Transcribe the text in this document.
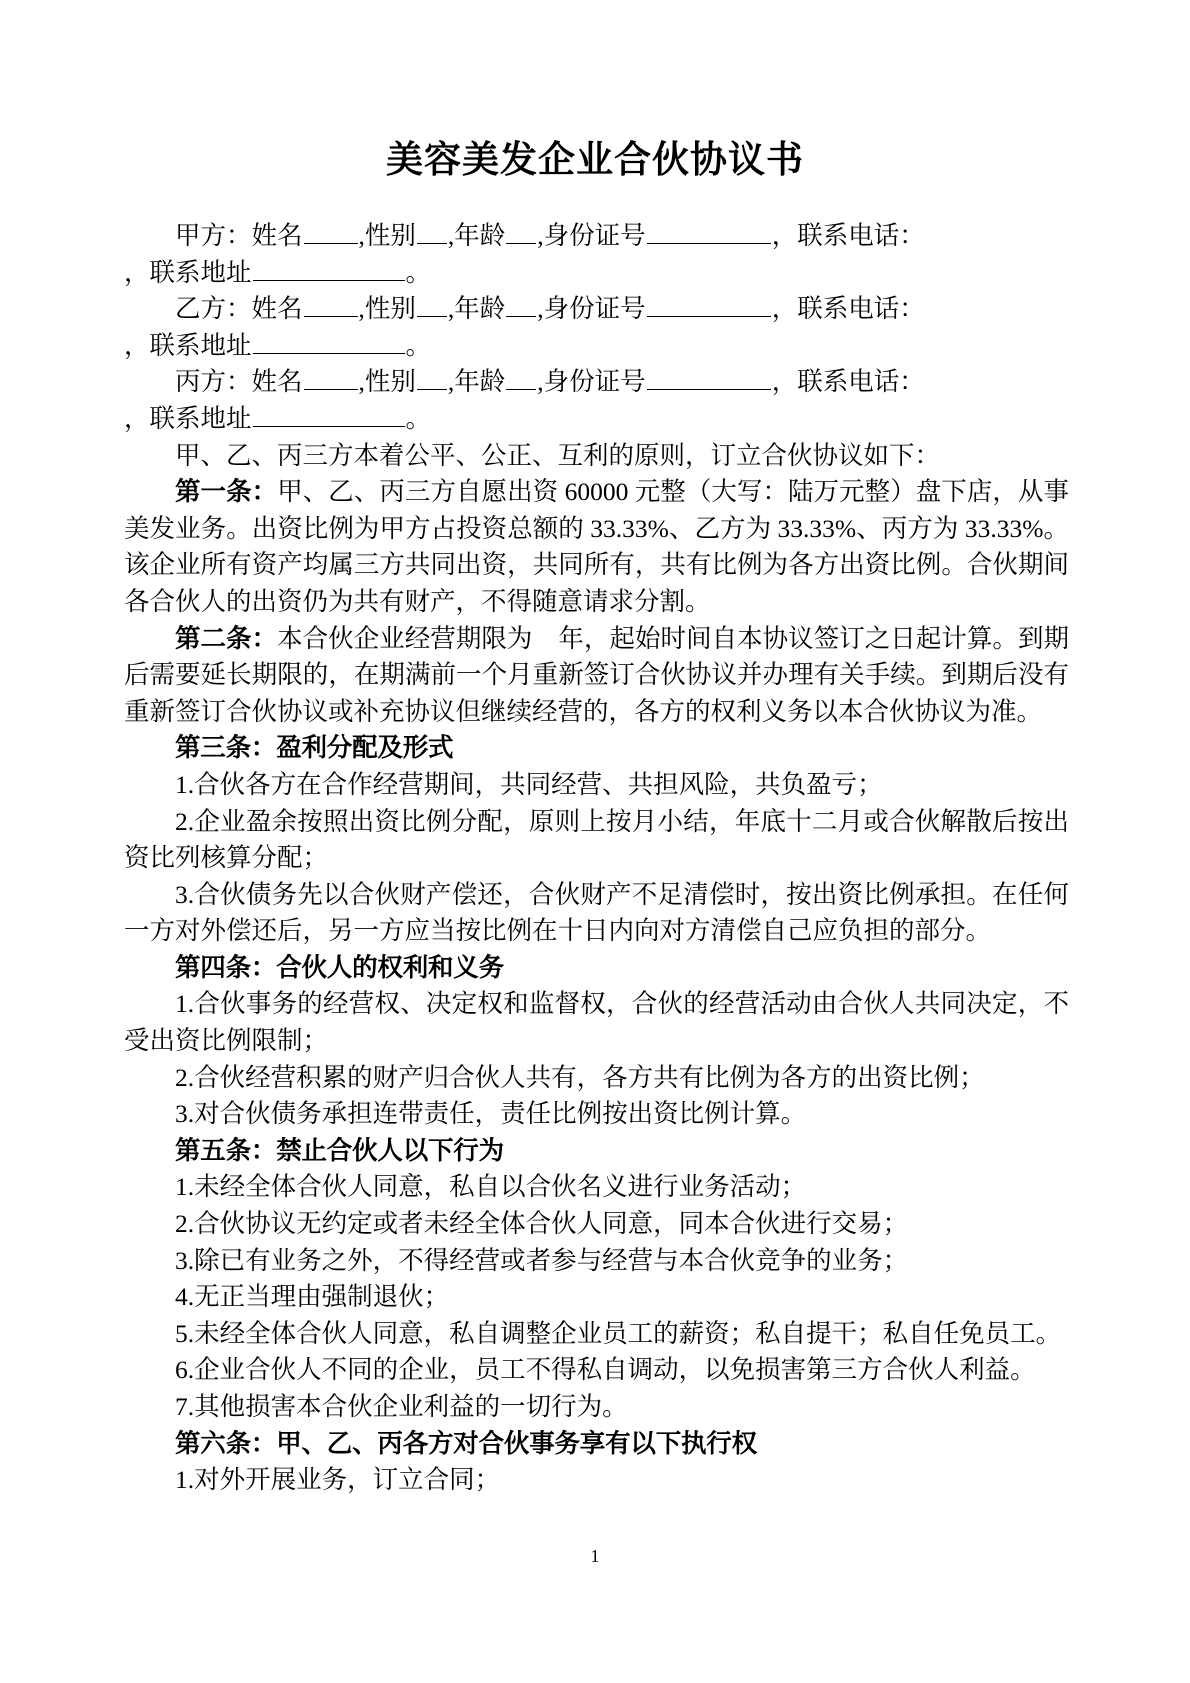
美容美发企业合伙协议书

甲方：姓名 ,性别 ,年龄 ,身份证号	，联系电话：

，联系地址	。

乙方：姓名 ,性别 ,年龄 ,身份证号	，联系电话：

，联系地址	。

丙方：姓名 ,性别 ,年龄 ,身份证号	，联系电话：

，联系地址	。

甲、乙、丙三方本着公平、公正、互利的原则，订立合伙协议如下：

第一条：甲、乙、丙三方自愿出资 60000 元整（大写：陆万元整）盘下店，从事美发业务。出资比例为甲方占投资总额的 33.33%、乙方为 33.33%、丙方为 33.33%。该企业所有资产均属三方共同出资，共同所有，共有比例为各方出资比例。合伙期间各合伙人的出资仍为共有财产，不得随意请求分割。

第二条：本合伙企业经营期限为 年，起始时间自本协议签订之日起计算。到期后需要延长期限的，在期满前一个月重新签订合伙协议并办理有关手续。到期后没有重新签订合伙协议或补充协议但继续经营的，各方的权利义务以本合伙协议为准。

第三条：盈利分配及形式

1.合伙各方在合作经营期间，共同经营、共担风险，共负盈亏；

2.企业盈余按照出资比例分配，原则上按月小结，年底十二月或合伙解散后按出资比列核算分配；

3.合伙债务先以合伙财产偿还，合伙财产不足清偿时，按出资比例承担。在任何一方对外偿还后，另一方应当按比例在十日内向对方清偿自己应负担的部分。

第四条：合伙人的权利和义务

1.合伙事务的经营权、决定权和监督权，合伙的经营活动由合伙人共同决定，不受出资比例限制；

2.合伙经营积累的财产归合伙人共有，各方共有比例为各方的出资比例；

3.对合伙债务承担连带责任，责任比例按出资比例计算。

第五条：禁止合伙人以下行为

1.未经全体合伙人同意，私自以合伙名义进行业务活动；

2.合伙协议无约定或者未经全体合伙人同意，同本合伙进行交易；

3.除已有业务之外，不得经营或者参与经营与本合伙竞争的业务；

4.无正当理由强制退伙；

5.未经全体合伙人同意，私自调整企业员工的薪资；私自提干；私自任免员工。

6.企业合伙人不同的企业，员工不得私自调动，以免损害第三方合伙人利益。

7.其他损害本合伙企业利益的一切行为。

第六条：甲、乙、丙各方对合伙事务享有以下执行权

1.对外开展业务，订立合同；

1
